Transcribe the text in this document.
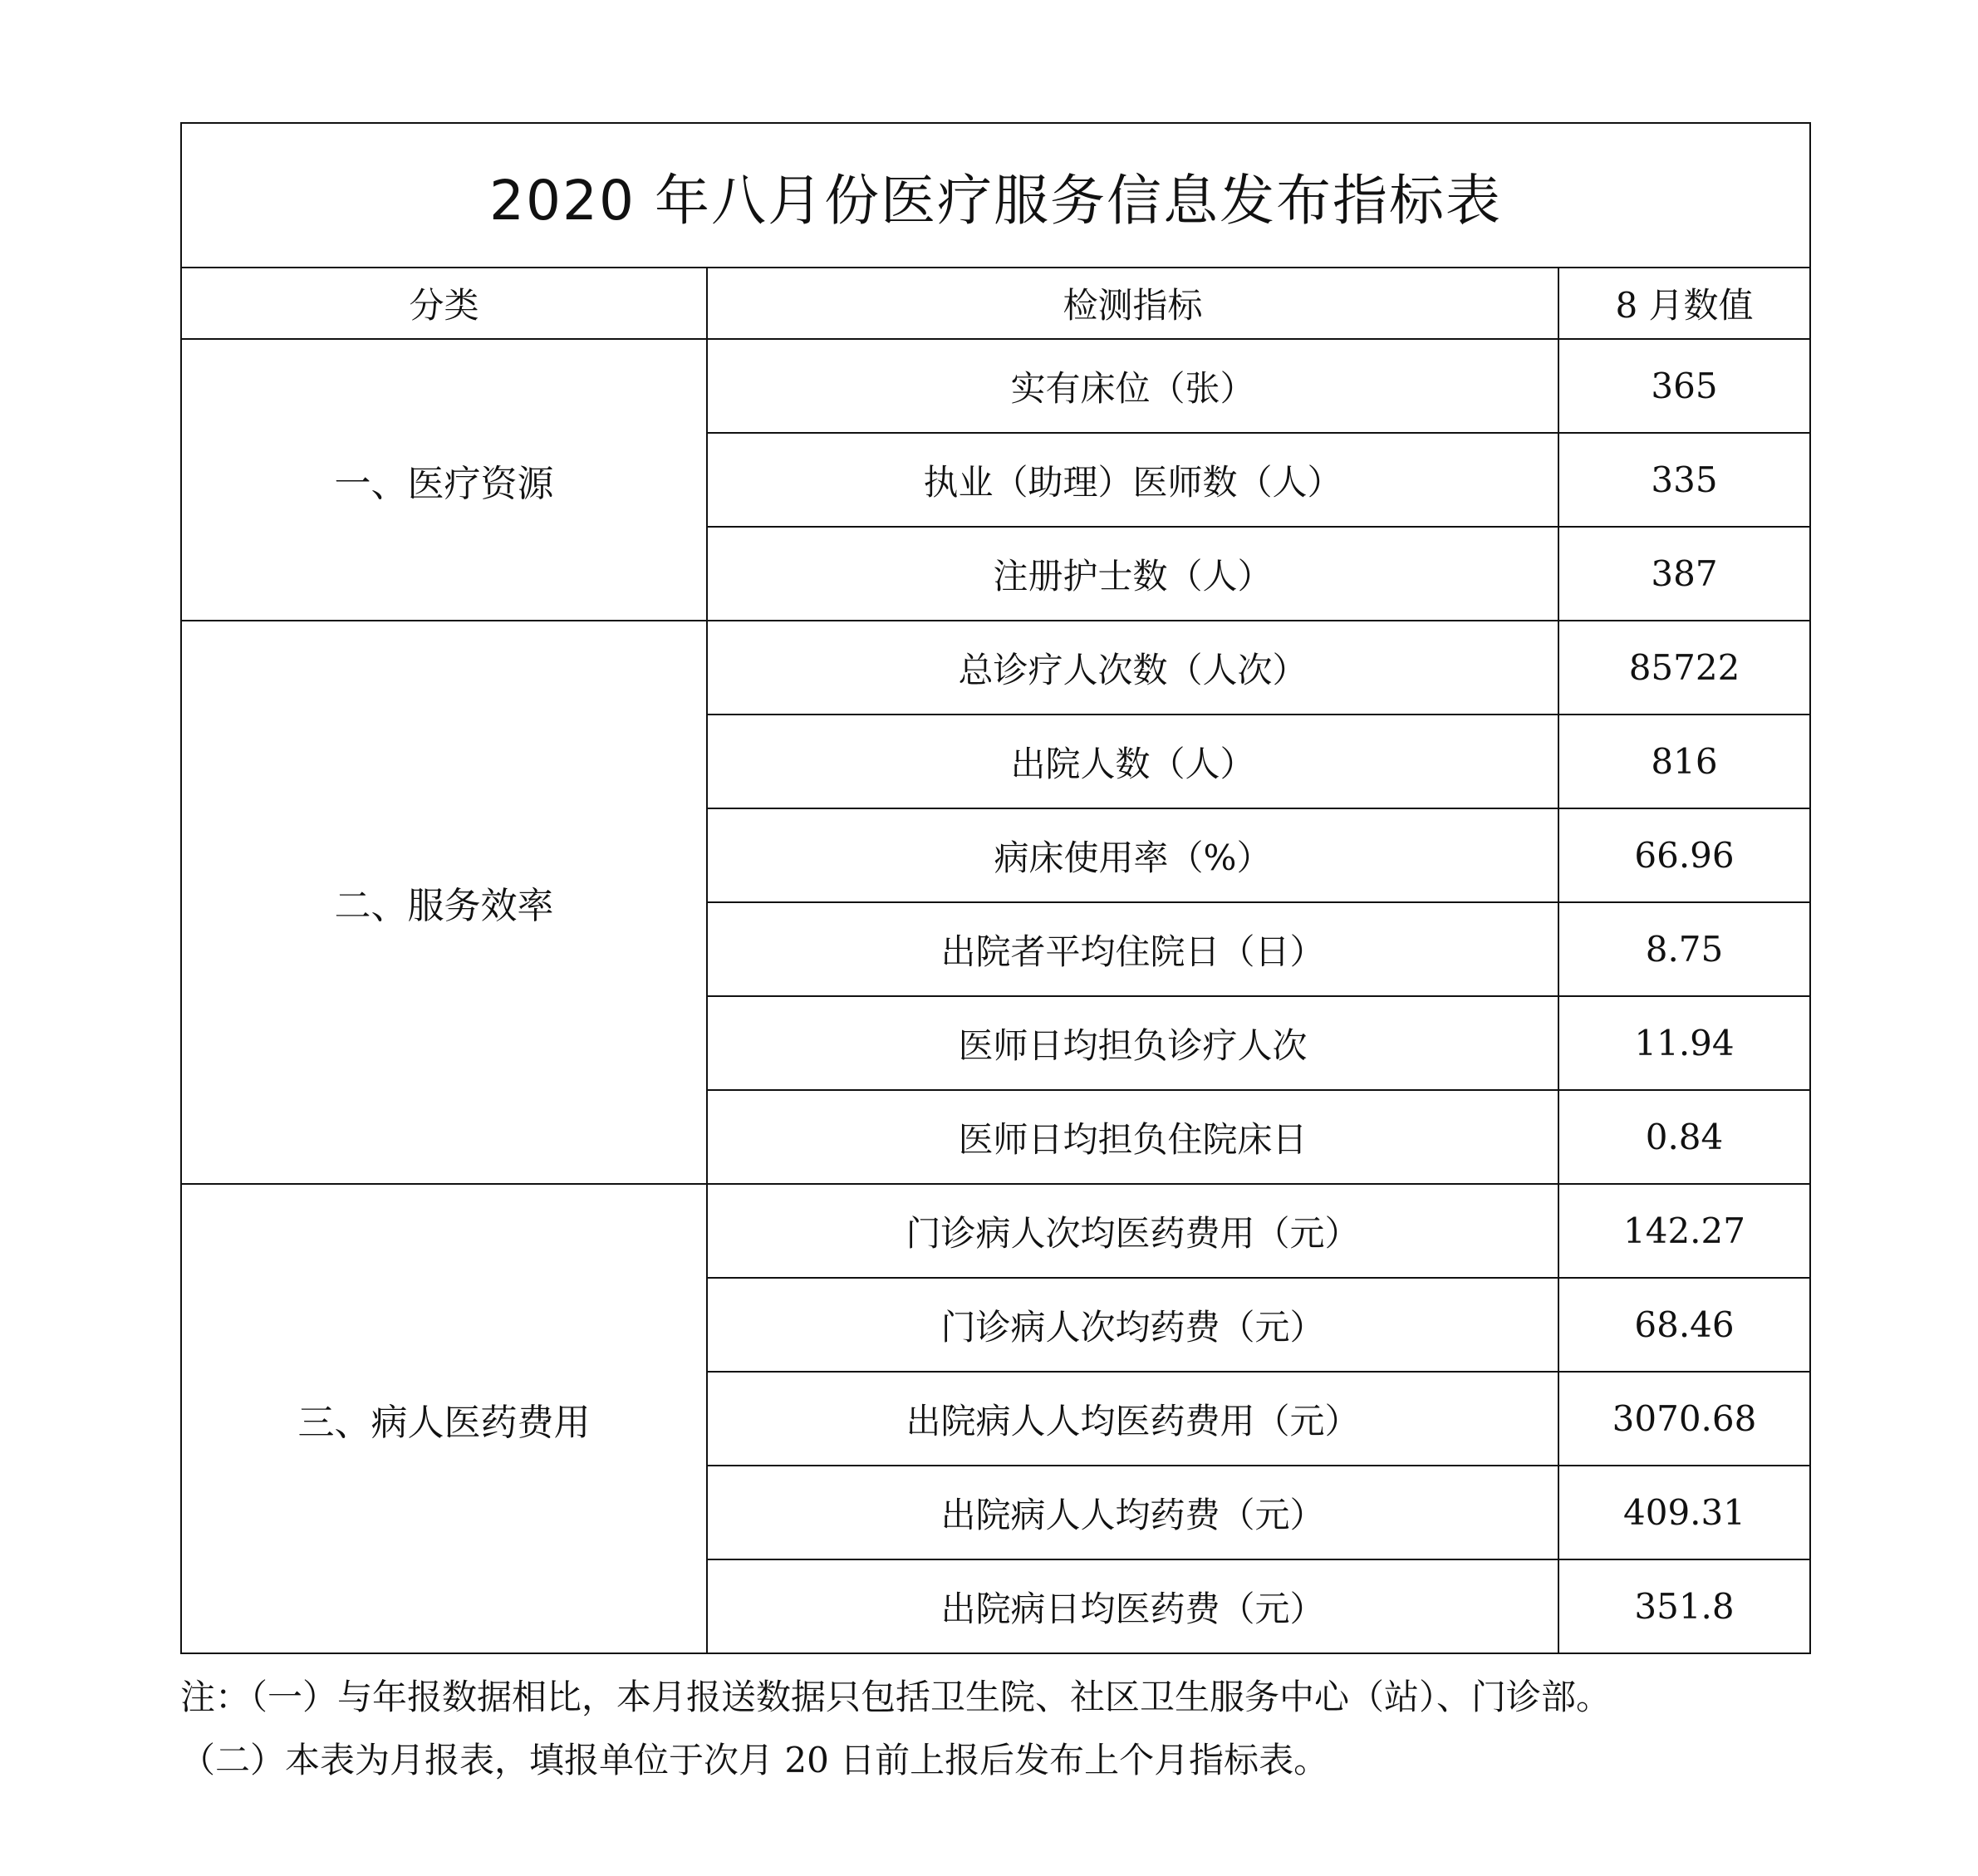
2020 年八月份医疗服务信息发布指标表		
分类	检测指标	8 月数值
一、医疗资源	实有床位（张）	365
	执业（助理）医师数（人）	335
	注册护士数（人）	387
二、服务效率	总诊疗人次数（人次）	85722
	出院人数（人）	816
	病床使用率（%）	66.96
	出院者平均住院日（日）	8.75
	医师日均担负诊疗人次	11.94
	医师日均担负住院床日	0.84
三、病人医药费用	门诊病人次均医药费用（元）	142.27
	门诊病人次均药费（元）	68.46
	出院病人人均医药费用（元）	3070.68
	出院病人人均药费（元）	409.31
	出院病日均医药费（元）	351.8
注：（一）与年报数据相比，本月报送数据只包括卫生院、社区卫生服务中心（站）、门诊部。
（二）本表为月报表，填报单位于次月 20 日前上报后发布上个月指标表。
